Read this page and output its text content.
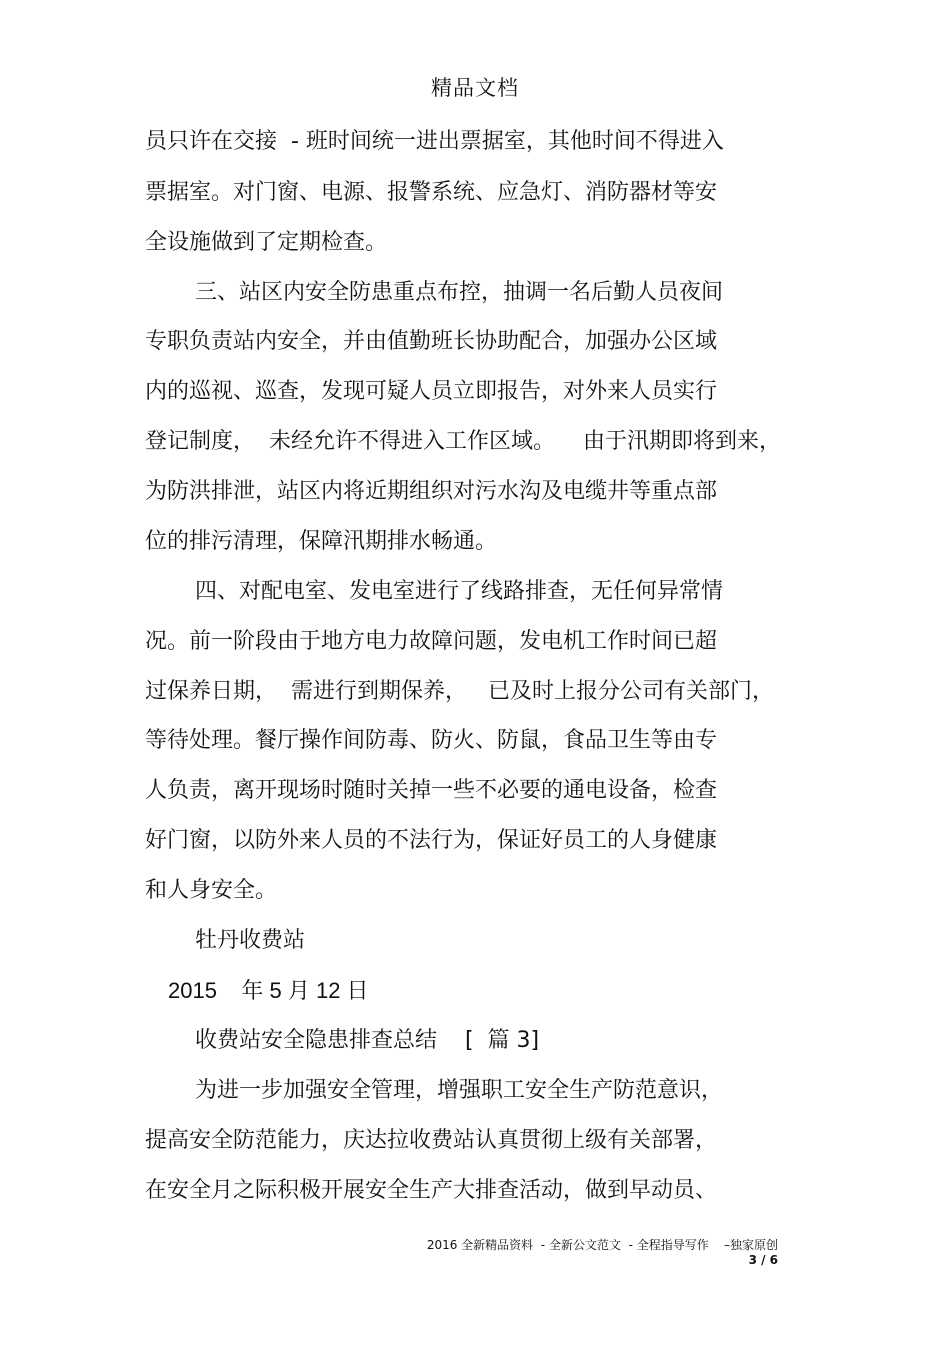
精品文档
员只许在交接  - 班时间统一进出票据室，其他时间不得进入
票据室。对门窗、电源、报警系统、应急灯、消防器材等安
全设施做到了定期检查。
三、站区内安全防患重点布控，抽调一名后勤人员夜间
专职负责站内安全，并由值勤班长协助配合，加强办公区域
内的巡视、巡查，发现可疑人员立即报告，对外来人员实行
登记制度，  未经允许不得进入工作区域。    由于汛期即将到来，
为防洪排泄，站区内将近期组织对污水沟及电缆井等重点部
位的排污清理，保障汛期排水畅通。
四、对配电室、发电室进行了线路排查，无任何异常情
况。前一阶段由于地方电力故障问题，发电机工作时间已超
过保养日期，  需进行到期保养，   已及时上报分公司有关部门，
等待处理。餐厅操作间防毒、防火、防鼠，食品卫生等由专
人负责，离开现场时随时关掉一些不必要的通电设备，检查
好门窗，以防外来人员的不法行为，保证好员工的人身健康
和人身安全。
牡丹收费站
2015    年 5 月 12 日
收费站安全隐患排查总结    [  篇 3]
为进一步加强安全管理，增强职工安全生产防范意识，
提高安全防范能力，庆达拉收费站认真贯彻上级有关部署，
在安全月之际积极开展安全生产大排查活动，做到早动员、
2016 全新精品资料  - 全新公文范文  - 全程指导写作    –独家原创
3 / 6
